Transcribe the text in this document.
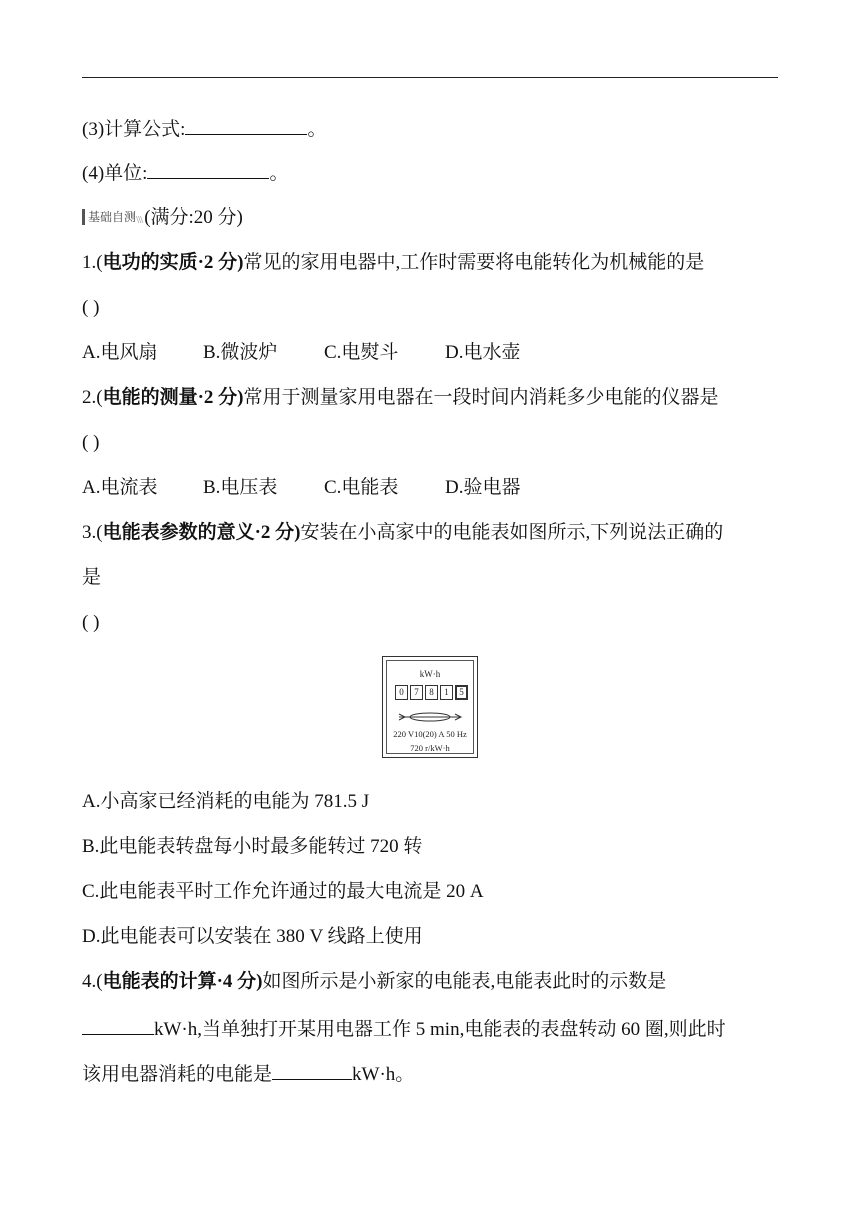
(3)计算公式:	。
(4)单位:	。
基础自测\\\ (满分:20 分)
1.(电功的实质·2 分)常见的家用电器中,工作时需要将电能转化为机械能的是
( )
A.电风扇 B.微波炉 C.电熨斗 D.电水壶
2.(电能的测量·2 分)常用于测量家用电器在一段时间内消耗多少电能的仪器是
( )
A.电流表 B.电压表 C.电能表 D.验电器
3.(电能表参数的意义·2 分)安装在小高家中的电能表如图所示,下列说法正确的
是
( )
kW·h
0	7	8	1	5
220 V10(20) A 50 Hz
720 r/kW·h
A.小高家已经消耗的电能为 781.5 J
B.此电能表转盘每小时最多能转过 720 转
C.此电能表平时工作允许通过的最大电流是 20 A
D.此电能表可以安装在 380 V 线路上使用
4.(电能表的计算·4 分)如图所示是小新家的电能表,电能表此时的示数是
kW·h,当单独打开某用电器工作 5 min,电能表的表盘转动 60 圈,则此时
该用电器消耗的电能是	kW·h。
